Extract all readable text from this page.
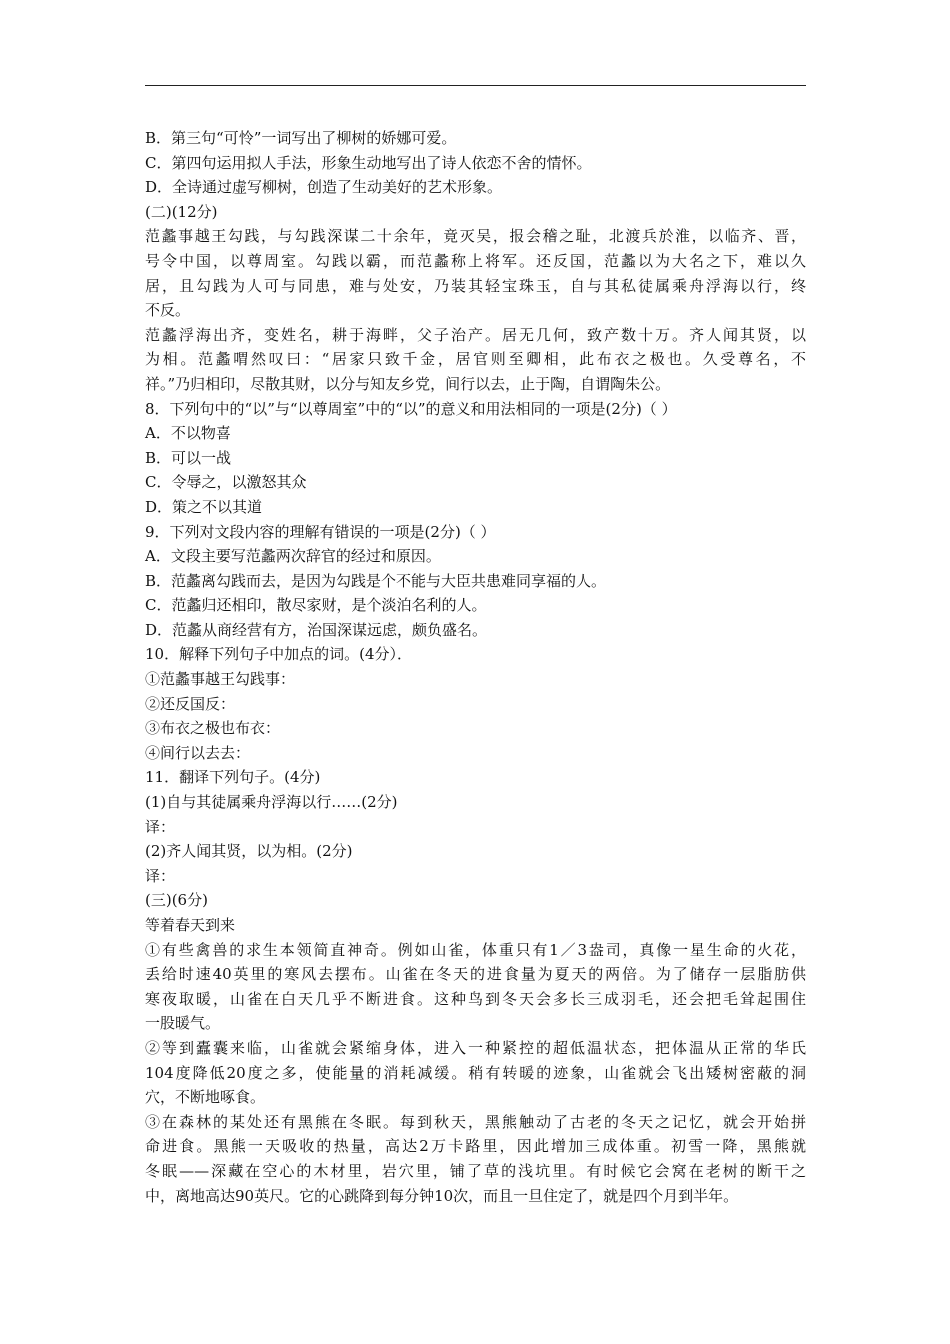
B．第三句“可怜”一词写出了柳树的娇娜可爱。
C．第四句运用拟人手法，形象生动地写出了诗人依恋不舍的情怀。
D．全诗通过虚写柳树，创造了生动美好的艺术形象。
(二)(12分)
范蠡事越王勾践，与勾践深谋二十余年，竟灭吴，报会稽之耻，北渡兵於淮，以临齐、晋，
号令中国，以尊周室。勾践以霸，而范蠡称上将军。还反国，范蠡以为大名之下，难以久
居，且勾践为人可与同患，难与处安，乃装其轻宝珠玉，自与其私徒属乘舟浮海以行，终
不反。
范蠡浮海出齐，变姓名，耕于海畔，父子治产。居无几何，致产数十万。齐人闻其贤，以
为相。范蠡喟然叹曰：“居家只致千金，居官则至卿相，此布衣之极也。久受尊名，不
祥。”乃归相印，尽散其财，以分与知友乡党，间行以去，止于陶，自谓陶朱公。
8．下列句中的“以”与“以尊周室”中的“以”的意义和用法相同的一项是(2分)（ ）
A．不以物喜
B．可以一战
C．令辱之，以激怒其众
D．策之不以其道
9．下列对文段内容的理解有错误的一项是(2分)（ ）
A．文段主要写范蠡两次辞官的经过和原因。
B．范蠡离勾践而去，是因为勾践是个不能与大臣共患难同享福的人。
C．范蠡归还相印，散尽家财，是个淡泊名利的人。
D．范蠡从商经营有方，治国深谋远虑，颇负盛名。
10．解释下列句子中加点的词。(4分）．
①范蠡事越王勾践事：
②还反国反：
③布衣之极也布衣：
④间行以去去：
11．翻译下列句子。(4分)
(1)自与其徒属乘舟浮海以行……(2分)
译：
(2)齐人闻其贤，以为相。(2分)
译：
(三)(6分)
等着春天到来
①有些禽兽的求生本领简直神奇。例如山雀，体重只有1／3盎司，真像一星生命的火花，
丢给时速40英里的寒风去摆布。山雀在冬天的进食量为夏天的两倍。为了储存一层脂肪供
寒夜取暖，山雀在白天几乎不断进食。这种鸟到冬天会多长三成羽毛，还会把毛耸起围住
一股暖气。
②等到蠹囊来临，山雀就会紧缩身体，进入一种紧控的超低温状态，把体温从正常的华氏
104度降低20度之多，使能量的消耗减缓。稍有转暖的迹象，山雀就会飞出矮树密蔽的洞
穴，不断地啄食。
③在森林的某处还有黑熊在冬眠。每到秋天，黑熊触动了古老的冬天之记忆，就会开始拼
命进食。黑熊一天吸收的热量，高达2万卡路里，因此增加三成体重。初雪一降，黑熊就
冬眠——深藏在空心的木材里，岩穴里，铺了草的浅坑里。有时候它会窝在老树的断干之
中，离地高达90英尺。它的心跳降到每分钟10次，而且一旦住定了，就是四个月到半年。
